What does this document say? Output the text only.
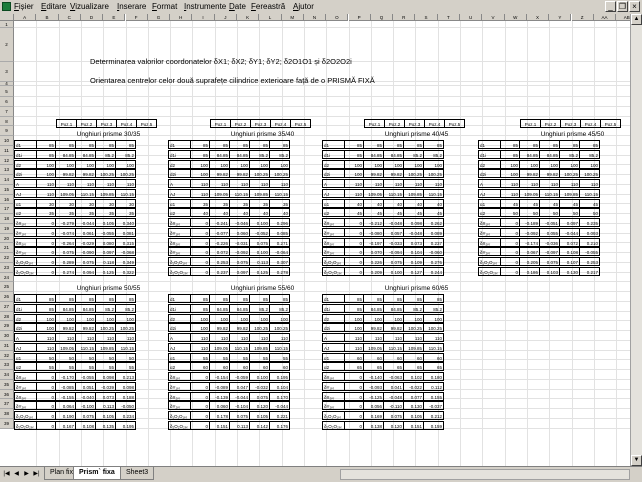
Fișier Editare Vizualizare Inserare Format Instrumente Date Fereastră Ajutor	_ ❐ ×
A	B	C	D	E	F	G	H	I	J	K	L	M	N	O	P	Q	R	S	T	U	V	W	X	Y	Z	AA	AB
1
2
3
4
5
6
7
8
9
10
11
12
13
14
15
16
17
18
19
20
21
22
23
24
25
26
27
28
29
30
31
32
33
34
35
36
37
38
39
Determinarea valorilor coordonatelor δX1; δX2; δY1; δY2; δ2O1O1 și δ2O2O2i
Orientarea centrelor celor două suprafețe cilindrice exterioare față de o PRISMĂ FIXĂ
Poz.1	Poz.2	Poz.3	Poz.4	Poz.5
Unghiuri prisme 30/35
d1	85	85	85	85	85
d1i	85	84.85	84.85	85.2	85.2
d2	100	100	100	100	100
d2i	100	99.82	99.82	100.25	100.25
A	110	110	110	110	110
AJ	110	109.05	110.15	109.85	110.15
α1	30	30	30	30	30
α2	35	35	35	35	35
δX₁ₚᵣ	0	-0.279	-0.044	0.105	0.340
δY₁ₚᵣ	0	-0.074	0.061	-0.055	0.081
δX₂ₚᵣ	0	-0.264	-0.029	0.080	0.315
δY₂ₚᵣ	0	0.075	-0.090	0.097	-0.068
δ₁O₁O₁ₚᵣ	0	0.289	0.075	0.118	0.349
δ₂O₂O₂ₚᵣ	0	0.274	0.094	0.125	0.322
Poz.1	Poz.2	Poz.3	Poz.4	Poz.5
Unghiuri prisme 35/40
d1	85	85	85	85	85
d1i	85	84.85	84.85	85.2	85.2
d2	100	100	100	100	100
d2i	100	99.82	99.82	100.25	100.25
A	110	110	110	110	110
AJ	110	109.05	110.15	109.85	110.15
α1	35	35	35	35	35
α2	40	40	40	40	40
δX₁ₚᵣ	0	-0.241	-0.046	0.100	0.296
δY₁ₚᵣ	0	-0.077	0.060	-0.052	0.085
δX₂ₚᵣ	0	-0.226	-0.031	0.075	0.271
δY₂ₚᵣ	0	0.072	-0.092	0.100	-0.064
δ₁O₁O₁ₚᵣ	0	0.253	0.075	0.113	0.307
δ₂O₂O₂ₚᵣ	0	0.237	0.097	0.125	0.278
Poz.1	Poz.2	Poz.3	Poz.4	Poz.5
Unghiuri prisme 40/45
d1	85	85	85	85	85
d1i	85	84.85	84.85	85.2	85.2
d2	100	100	100	100	100
d2i	100	99.82	99.82	100.25	100.25
A	110	110	110	110	110
AJ	110	109.05	110.15	109.85	110.15
α1	40	40	40	40	40
α2	45	45	45	45	45
δX₁ₚᵣ	0	-0.212	-0.048	0.098	0.262
δY₁ₚᵣ	0	-0.080	0.057	-0.048	0.089
δX₂ₚᵣ	0	-0.197	-0.033	0.073	0.237
δY₂ₚᵣ	0	0.070	-0.094	0.104	-0.060
δ₁O₁O₁ₚᵣ	0	0.226	0.075	0.109	0.276
δ₂O₂O₂ₚᵣ	0	0.209	0.100	0.127	0.244
Poz.1	Poz.2	Poz.3	Poz.4	Poz.5
Unghiuri prisme 45/50
d1	85	85	85	85	85
d1i	85	84.85	84.85	85.2	85.2
d2	100	100	100	100	100
d2i	100	99.82	99.82	100.25	100.25
A	110	110	110	110	110
AJ	110	109.05	110.15	109.85	110.15
α1	45	45	45	45	45
α2	50	50	50	50	50
δX₁ₚᵣ	0	-0.189	-0.051	0.097	0.235
δY₁ₚᵣ	0	-0.092	0.055	-0.044	0.093
δX₂ₚᵣ	0	-0.174	-0.036	0.072	0.210
δY₂ₚᵣ	0	0.067	-0.097	0.108	-0.055
δ₁O₁O₁ₚᵣ	0	0.205	0.075	0.107	0.253
δ₂O₂O₂ₚᵣ	0	0.186	0.103	0.130	0.217
Unghiuri prisme 50/55
d1	85	85	85	85	85
d1i	85	84.85	84.85	85.2	85.2
d2	100	100	100	100	100
d2i	100	99.82	99.82	100.25	100.25
A	110	110	110	110	110
AJ	110	109.05	110.15	109.85	110.15
α1	50	50	50	50	50
α2	55	55	55	55	55
δX₁ₚᵣ	0	-0.170	-0.055	0.098	0.213
δY₁ₚᵣ	0	-0.085	0.051	-0.039	0.098
δX₂ₚᵣ	0	-0.155	-0.040	0.073	0.188
δY₂ₚᵣ	0	0.064	-0.100	0.113	-0.050
δ₁O₁O₁ₚᵣ	0	0.190	0.075	0.105	0.234
δ₂O₂O₂ₚᵣ	0	0.167	0.108	0.135	0.195
Unghiuri prisme 55/60
d1	85	85	85	85	85
d1i	85	84.85	84.85	85.2	85.2
d2	100	100	100	100	100
d2i	100	99.82	99.82	100.25	100.25
A	110	110	110	110	110
AJ	110	109.05	110.15	109.85	110.15
α1	55	55	55	55	55
α2	60	60	60	60	60
δX₁ₚᵣ	0	-0.154	-0.059	0.100	0.195
δY₁ₚᵣ	0	-0.089	0.047	-0.032	0.104
δX₂ₚᵣ	0	-0.139	-0.044	0.075	0.170
δY₂ₚᵣ	0	0.060	-0.104	0.120	-0.044
δ₁O₁O₁ₚᵣ	0	0.178	0.075	0.105	0.221
δ₂O₂O₂ₚᵣ	0	0.151	0.113	0.142	0.176
Unghiuri prisme 60/65
d1	85	85	85	85	85
d1i	85	84.85	84.85	85.2	85.2
d2	100	100	100	100	100
d2i	100	99.82	99.82	100.25	100.25
A	110	110	110	110	110
AJ	110	109.05	110.15	109.85	110.15
α1	60	60	60	60	60
α2	65	65	65	65	65
δX₁ₚᵣ	0	-0.140	-0.063	0.102	0.180
δY₁ₚᵣ	0	-0.093	0.041	-0.022	0.112
δX₂ₚᵣ	0	-0.125	-0.048	0.077	0.155
δY₂ₚᵣ	0	0.056	-0.110	0.130	-0.037
δ₁O₁O₁ₚᵣ	0	0.169	0.075	0.105	0.212
δ₂O₂O₂ₚᵣ	0	0.138	0.120	0.151	0.159
▲
▼
|◀ ◀ ▶ ▶|	Plan fix Prism` fixa	Sheet3
